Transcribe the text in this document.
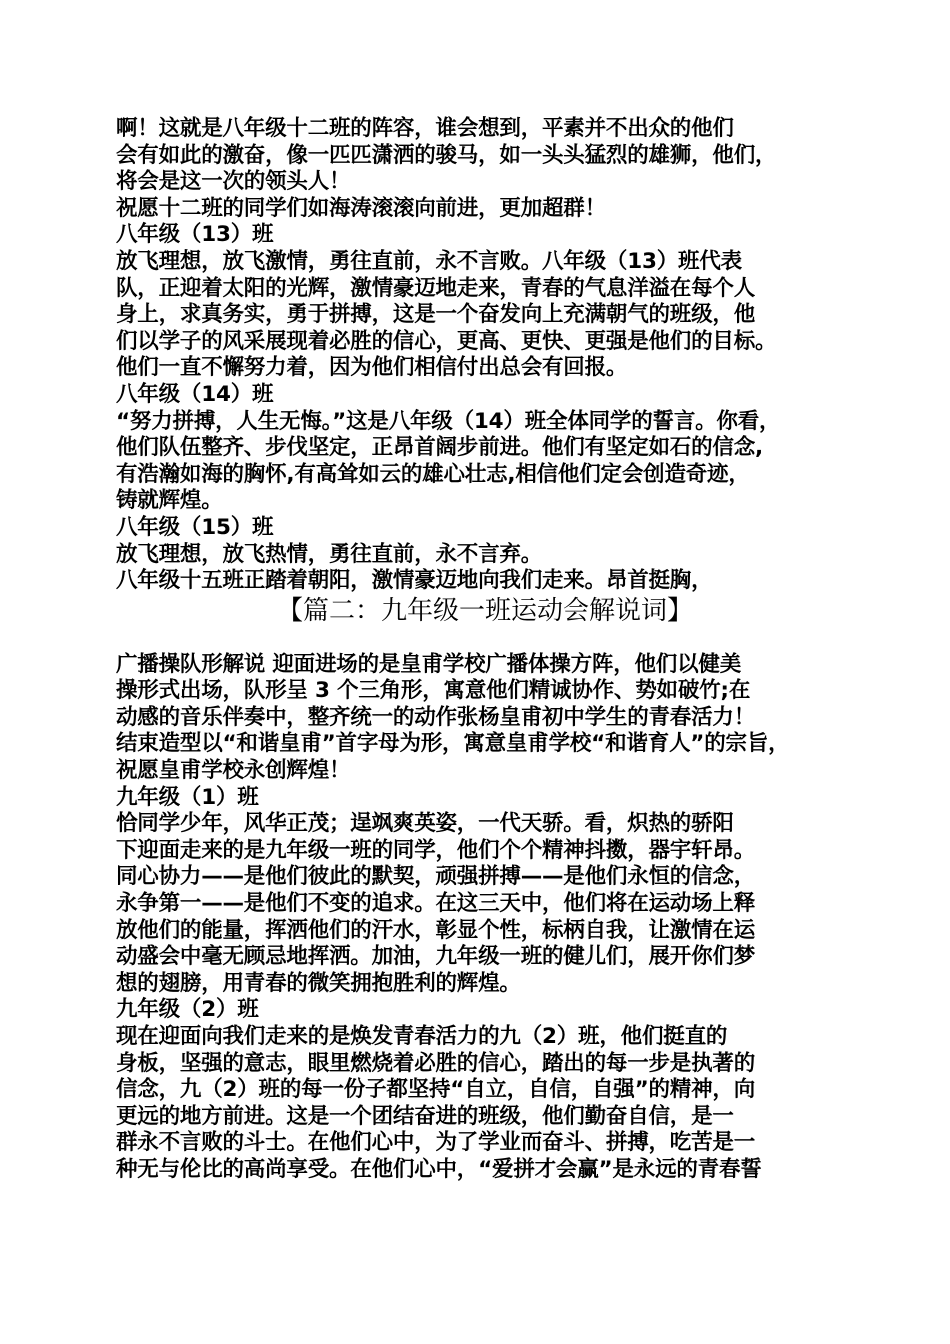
啊！这就是八年级十二班的阵容，谁会想到，平素并不出众的他们
会有如此的激奋，像一匹匹潇洒的骏马，如一头头猛烈的雄狮，他们，
将会是这一次的领头人！
祝愿十二班的同学们如海涛滚滚向前进，更加超群！
八年级（13）班
放飞理想，放飞激情，勇往直前，永不言败。八年级（13）班代表
队，正迎着太阳的光辉，激情豪迈地走来，青春的气息洋溢在每个人
身上，求真务实，勇于拼搏，这是一个奋发向上充满朝气的班级，他
们以学子的风采展现着必胜的信心，更高、更快、更强是他们的目标。
他们一直不懈努力着，因为他们相信付出总会有回报。
八年级（14）班
“努力拼搏，人生无悔。”这是八年级（14）班全体同学的誓言。你看，
他们队伍整齐、步伐坚定，正昂首阔步前进。他们有坚定如石的信念,
有浩瀚如海的胸怀,有高耸如云的雄心壮志,相信他们定会创造奇迹，
铸就辉煌。
八年级（15）班
放飞理想，放飞热情，勇往直前，永不言弃。
八年级十五班正踏着朝阳，激情豪迈地向我们走来。昂首挺胸，
【篇二：九年级一班运动会解说词】
广播操队形解说 迎面进场的是皇甫学校广播体操方阵，他们以健美
操形式出场，队形呈 3 个三角形，寓意他们精诚协作、势如破竹;在
动感的音乐伴奏中，整齐统一的动作张杨皇甫初中学生的青春活力！
结束造型以“和谐皇甫”首字母为形，寓意皇甫学校“和谐育人”的宗旨，
祝愿皇甫学校永创辉煌！
九年级（1）班
恰同学少年，风华正茂；逞飒爽英姿，一代天骄。看，炽热的骄阳
下迎面走来的是九年级一班的同学，他们个个精神抖擞，器宇轩昂。
同心协力——是他们彼此的默契，顽强拼搏——是他们永恒的信念，
永争第一——是他们不变的追求。在这三天中，他们将在运动场上释
放他们的能量，挥洒他们的汗水，彰显个性，标柄自我，让激情在运
动盛会中毫无顾忌地挥洒。加油，九年级一班的健儿们，展开你们梦
想的翅膀，用青春的微笑拥抱胜利的辉煌。
九年级（2）班
现在迎面向我们走来的是焕发青春活力的九（2）班，他们挺直的
身板，坚强的意志，眼里燃烧着必胜的信心，踏出的每一步是执著的
信念，九（2）班的每一份子都坚持“自立，自信，自强”的精神，向
更远的地方前进。这是一个团结奋进的班级，他们勤奋自信，是一
群永不言败的斗士。在他们心中，为了学业而奋斗、拼搏，吃苦是一
种无与伦比的高尚享受。在他们心中，“爱拼才会赢”是永远的青春誓
